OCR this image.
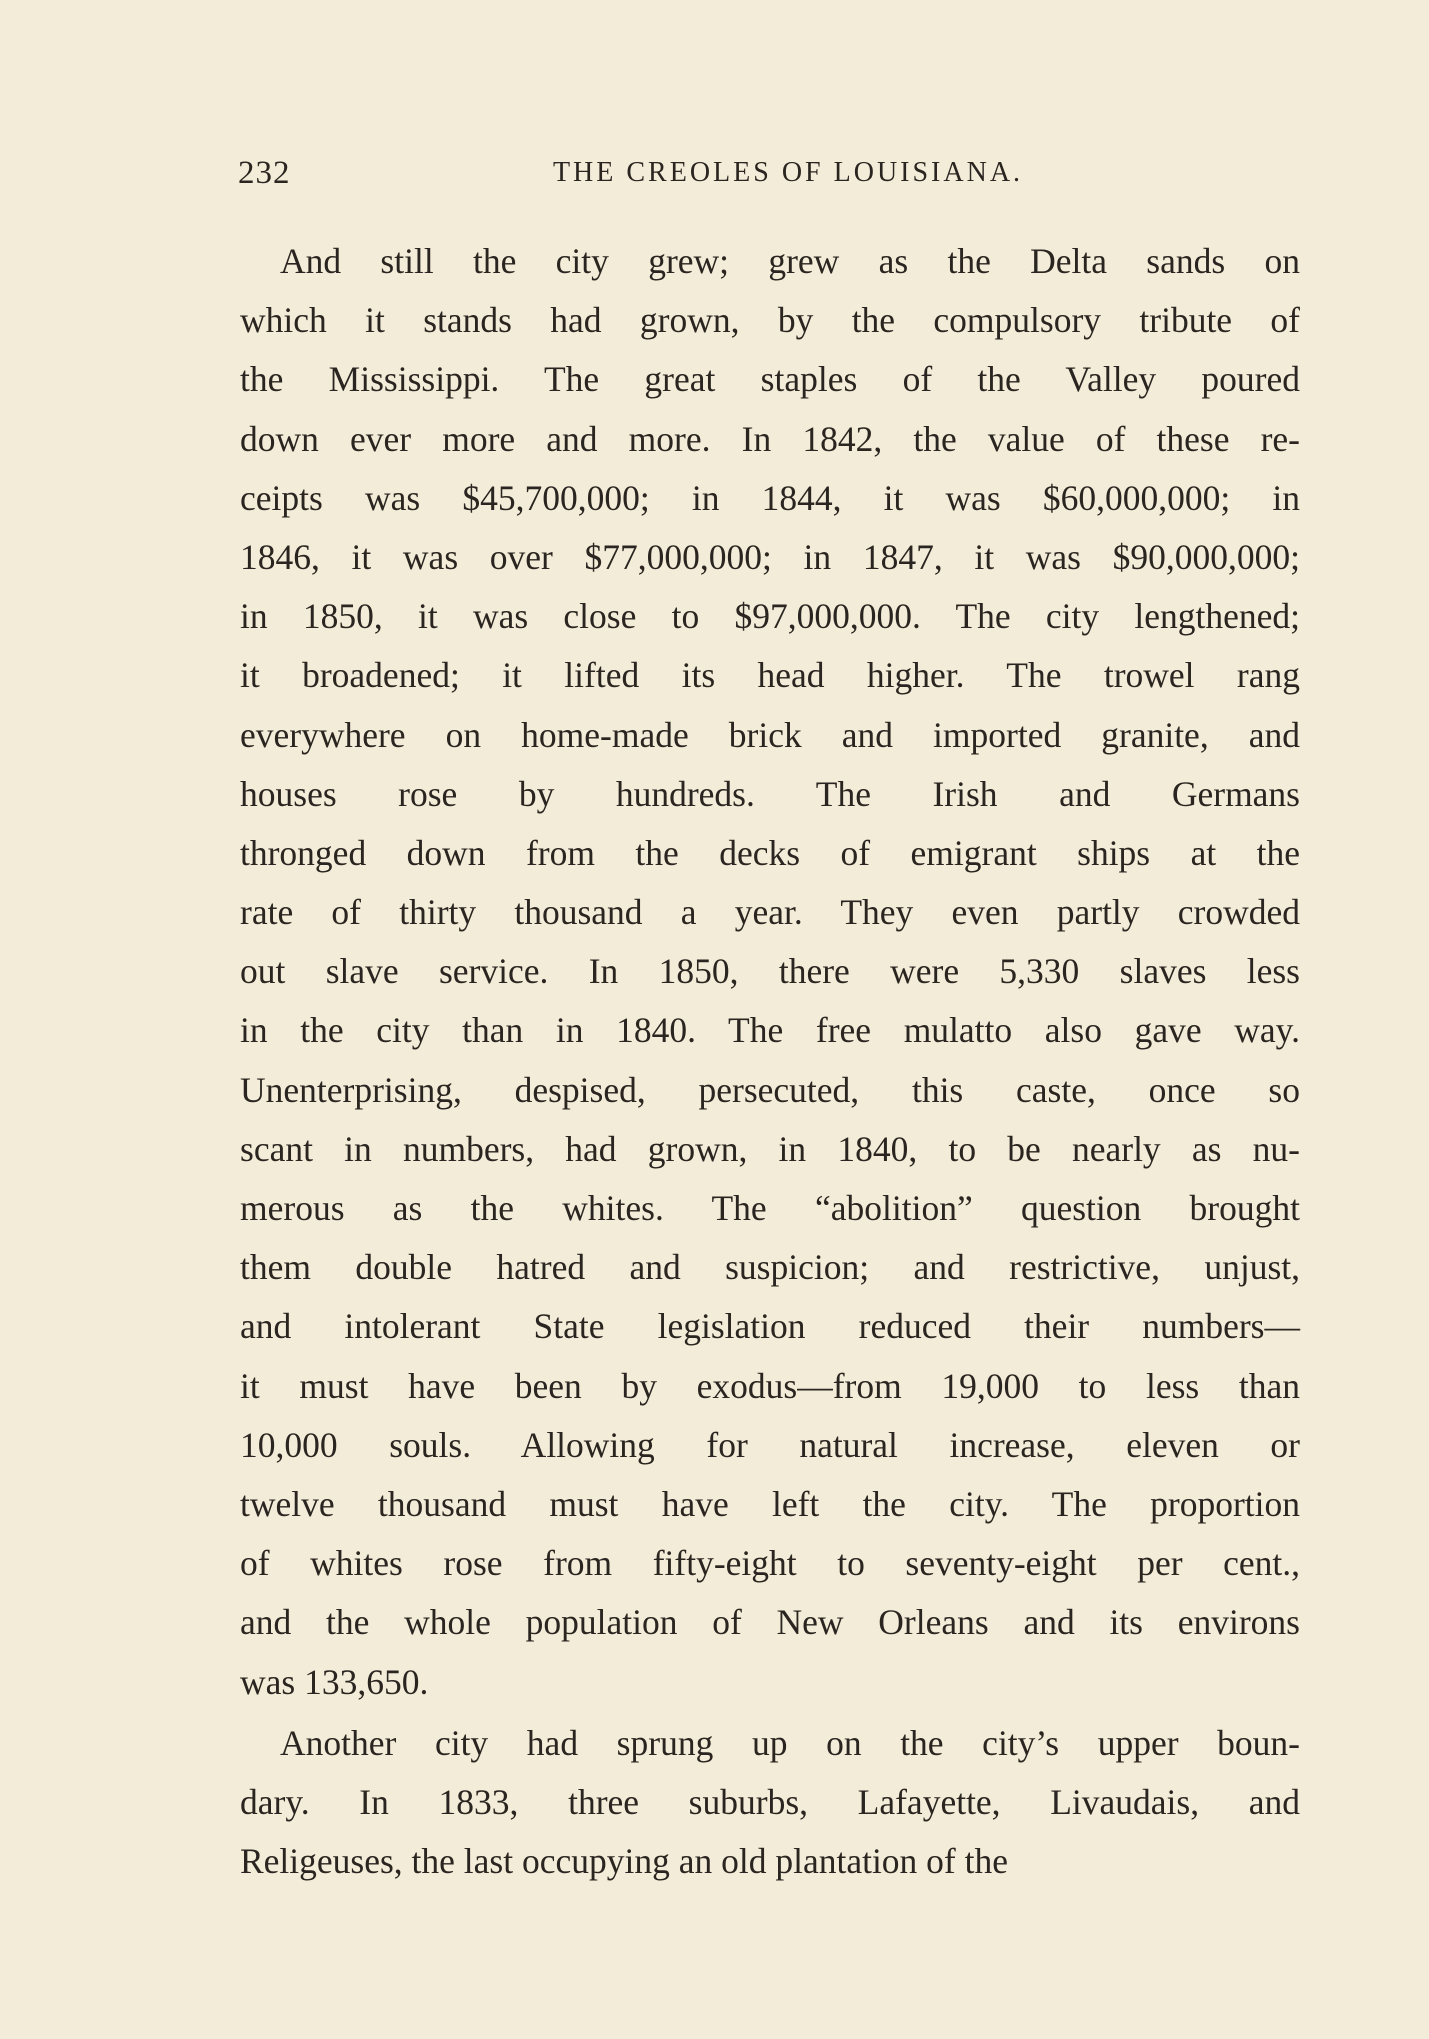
232	THE CREOLES OF LOUISIANA.
And still the city grew; grew as the Delta sands on
which it stands had grown, by the compulsory tribute of
the Mississippi. The great staples of the Valley poured
down ever more and more. In 1842, the value of these re-
ceipts was $45,700,000; in 1844, it was $60,000,000; in
1846, it was over $77,000,000; in 1847, it was $90,000,000;
in 1850, it was close to $97,000,000. The city lengthened;
it broadened; it lifted its head higher. The trowel rang
everywhere on home-made brick and imported granite, and
houses rose by hundreds. The Irish and Germans
thronged down from the decks of emigrant ships at the
rate of thirty thousand a year. They even partly crowded
out slave service. In 1850, there were 5,330 slaves less
in the city than in 1840. The free mulatto also gave way.
Unenterprising, despised, persecuted, this caste, once so
scant in numbers, had grown, in 1840, to be nearly as nu-
merous as the whites. The “abolition” question brought
them double hatred and suspicion; and restrictive, unjust,
and intolerant State legislation reduced their numbers—
it must have been by exodus—from 19,000 to less than
10,000 souls. Allowing for natural increase, eleven or
twelve thousand must have left the city. The proportion
of whites rose from fifty-eight to seventy-eight per cent.,
and the whole population of New Orleans and its environs
was 133,650.
Another city had sprung up on the city’s upper boun-
dary. In 1833, three suburbs, Lafayette, Livaudais, and
Religeuses, the last occupying an old plantation of the
